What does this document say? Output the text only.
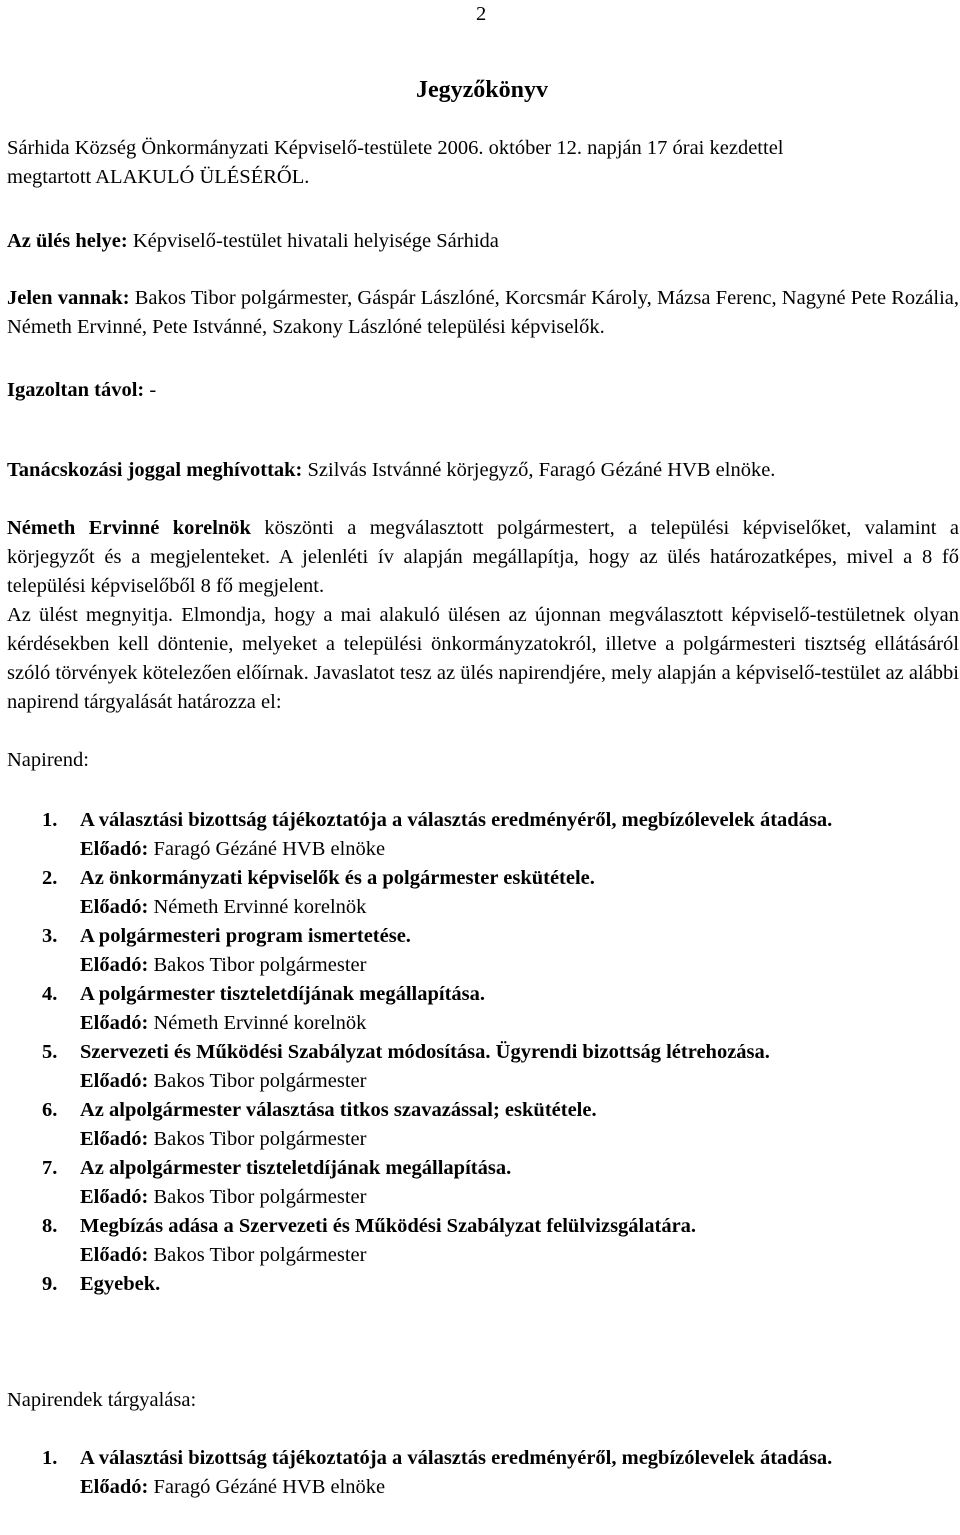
2
Jegyzőkönyv
Sárhida Község Önkormányzati Képviselő-testülete 2006. október 12. napján 17 órai kezdettel
megtartott ALAKULÓ ÜLÉSÉRŐL.
Az ülés helye: Képviselő-testület hivatali helyisége Sárhida
Jelen vannak: Bakos Tibor polgármester, Gáspár Lászlóné, Korcsmár Károly, Mázsa Ferenc, Nagyné Pete Rozália, Németh Ervinné, Pete Istvánné, Szakony Lászlóné települési képviselők.
Igazoltan távol: -
Tanácskozási joggal meghívottak: Szilvás Istvánné körjegyző, Faragó Gézáné HVB elnöke.
Németh Ervinné korelnök köszönti a megválasztott polgármestert, a települési képviselőket, valamint a körjegyzőt és a megjelenteket. A jelenléti ív alapján megállapítja, hogy az ülés határozatképes, mivel a 8 fő települési képviselőből 8 fő megjelent.
Az ülést megnyitja. Elmondja, hogy a mai alakuló ülésen az újonnan megválasztott képviselő-testületnek olyan kérdésekben kell döntenie, melyeket a települési önkormányzatokról, illetve a polgármesteri tisztség ellátásáról szóló törvények kötelezően előírnak. Javaslatot tesz az ülés napirendjére, mely alapján a képviselő-testület az alábbi napirend tárgyalását határozza el:
Napirend:
1. A választási bizottság tájékoztatója a választás eredményéről, megbízólevelek átadása.
Előadó: Faragó Gézáné HVB elnöke
2. Az önkormányzati képviselők és a polgármester eskütétele.
Előadó: Németh Ervinné korelnök
3. A polgármesteri program ismertetése.
Előadó: Bakos Tibor polgármester
4. A polgármester tiszteletdíjának megállapítása.
Előadó: Németh Ervinné korelnök
5. Szervezeti és Működési Szabályzat módosítása. Ügyrendi bizottság létrehozása.
Előadó: Bakos Tibor polgármester
6. Az alpolgármester választása titkos szavazással; eskütétele.
Előadó: Bakos Tibor polgármester
7. Az alpolgármester tiszteletdíjának megállapítása.
Előadó: Bakos Tibor polgármester
8. Megbízás adása a Szervezeti és Működési Szabályzat felülvizsgálatára.
Előadó: Bakos Tibor polgármester
9. Egyebek.
Napirendek tárgyalása:
1. A választási bizottság tájékoztatója a választás eredményéről, megbízólevelek átadása.
Előadó: Faragó Gézáné HVB elnöke
